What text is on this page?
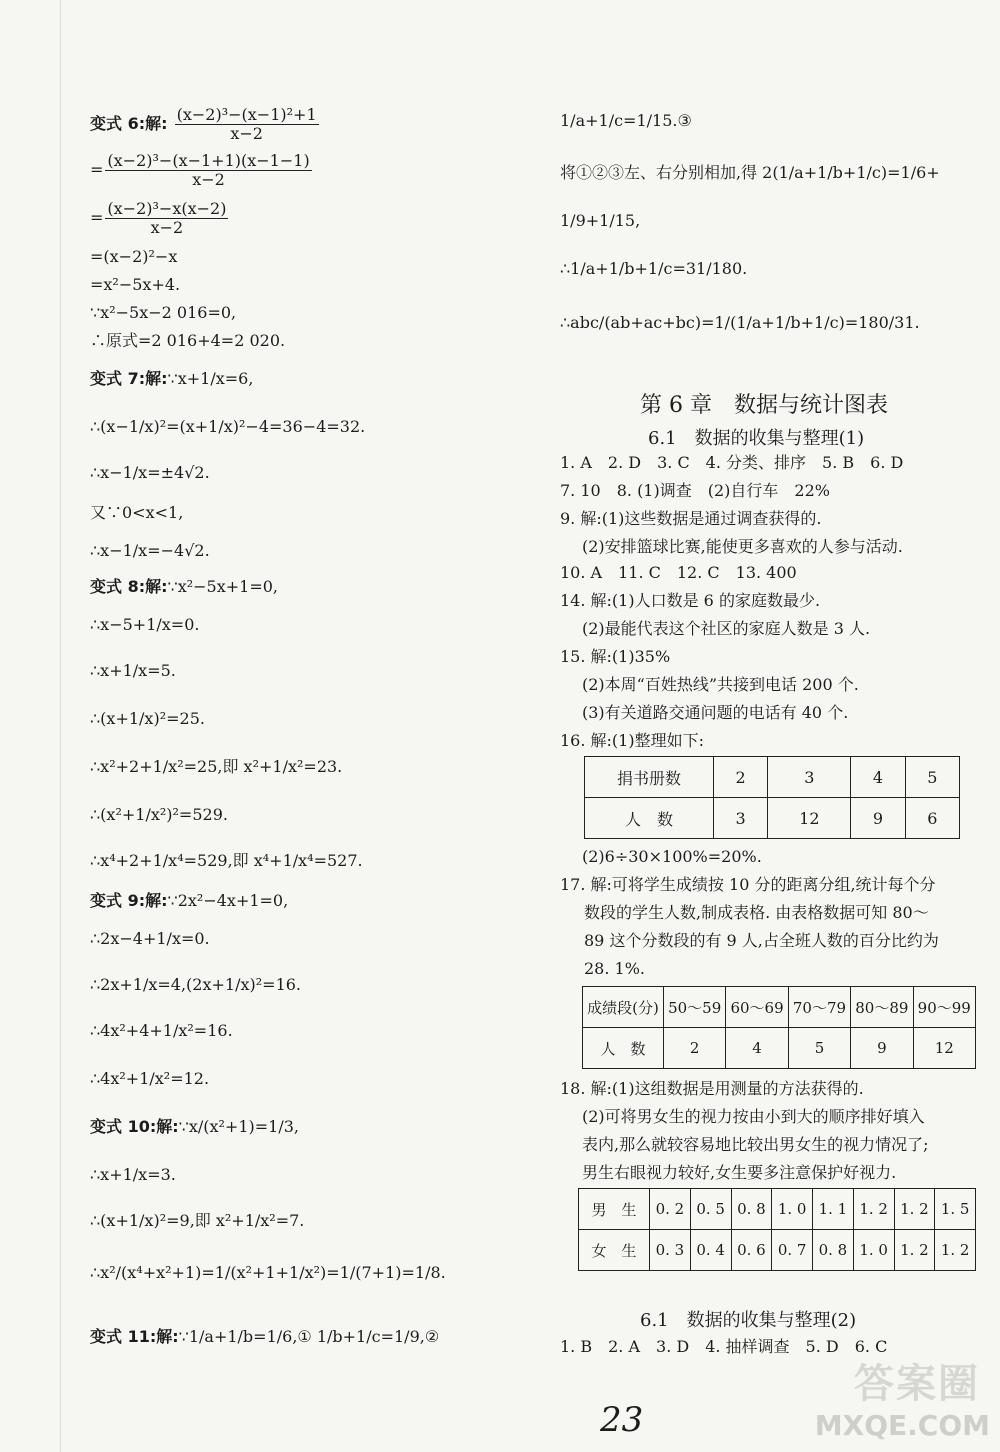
变式 6:解: $\frac{\text{(x−2)³−(x−1)²+1}}{x-2}$
= $\frac{\text{(x−2)³−(x−1+1)(x−1−1)}}{x-2}$
= $\frac{\text{(x−2)³−x(x−2)}}{x-2}$
=(x−2)²−x
=x²−5x+4.
∵x²−5x−2 016=0,
∴原式=2 016+4=2 020.
变式 7:解:∵x+1/x=6,
∴(x−1/x)²=(x+1/x)²−4=36−4=32.
∴x−1/x=±4√2.
又∵0<x<1,
∴x−1/x=−4√2.
变式 8:解:∵x²−5x+1=0,
∴x−5+1/x=0.
∴x+1/x=5.
∴(x+1/x)²=25.
∴x²+2+1/x²=25,即 x²+1/x²=23.
∴(x²+1/x²)²=529.
∴x⁴+2+1/x⁴=529,即 x⁴+1/x⁴=527.
变式 9:解:∵2x²−4x+1=0,
∴2x−4+1/x=0.
∴2x+1/x=4,(2x+1/x)²=16.
∴4x²+4+1/x²=16.
∴4x²+1/x²=12.
变式 10:解:∵x/(x²+1)=1/3,
∴x+1/x=3.
∴(x+1/x)²=9,即 x²+1/x²=7.
∴x²/(x⁴+x²+1)=1/(x²+1+1/x²)=1/(7+1)=1/8.
变式 11:解:∵1/a+1/b=1/6,① 1/b+1/c=1/9,②
1/a+1/c=1/15.③
将①②③左、右分别相加,得 2(1/a+1/b+1/c)=1/6+
1/9+1/15,
∴1/a+1/b+1/c=31/180.
∴abc/(ab+ac+bc)=1/(1/a+1/b+1/c)=180/31.
第 6 章　数据与统计图表
6.1　数据的收集与整理(1)
1. A　2. D　3. C　4. 分类、排序　5. B　6. D
7. 10　8. (1)调查　(2)自行车　22%
9. 解:(1)这些数据是通过调查获得的.
(2)安排篮球比赛,能使更多喜欢的人参与活动.
10. A　11. C　12. C　13. 400
14. 解:(1)人口数是 6 的家庭数最少.
(2)最能代表这个社区的家庭人数是 3 人.
15. 解:(1)35%
(2)本周“百姓热线”共接到电话 200 个.
(3)有关道路交通问题的电话有 40 个.
16. 解:(1)整理如下:
捐书册数	2	3	4	5
人　数	3	12	9	6
(2)6÷30×100%=20%.
17. 解:可将学生成绩按 10 分的距离分组,统计每个分
数段的学生人数,制成表格. 由表格数据可知 80～
89 这个分数段的有 9 人,占全班人数的百分比约为
28. 1%.
成绩段(分)	50～59	60～69	70～79	80～89	90～99
人　数	2	4	5	9	12
18. 解:(1)这组数据是用测量的方法获得的.
(2)可将男女生的视力按由小到大的顺序排好填入
表内,那么就较容易地比较出男女生的视力情况了;
男生右眼视力较好,女生要多注意保护好视力.
男　生	0. 2	0. 5	0. 8	1. 0	1. 1	1. 2	1. 2	1. 5
女　生	0. 3	0. 4	0. 6	0. 7	0. 8	1. 0	1. 2	1. 2
6.1　数据的收集与整理(2)
1. B　2. A　3. D　4. 抽样调查　5. D　6. C
23
答案圈
MXQE.COM
